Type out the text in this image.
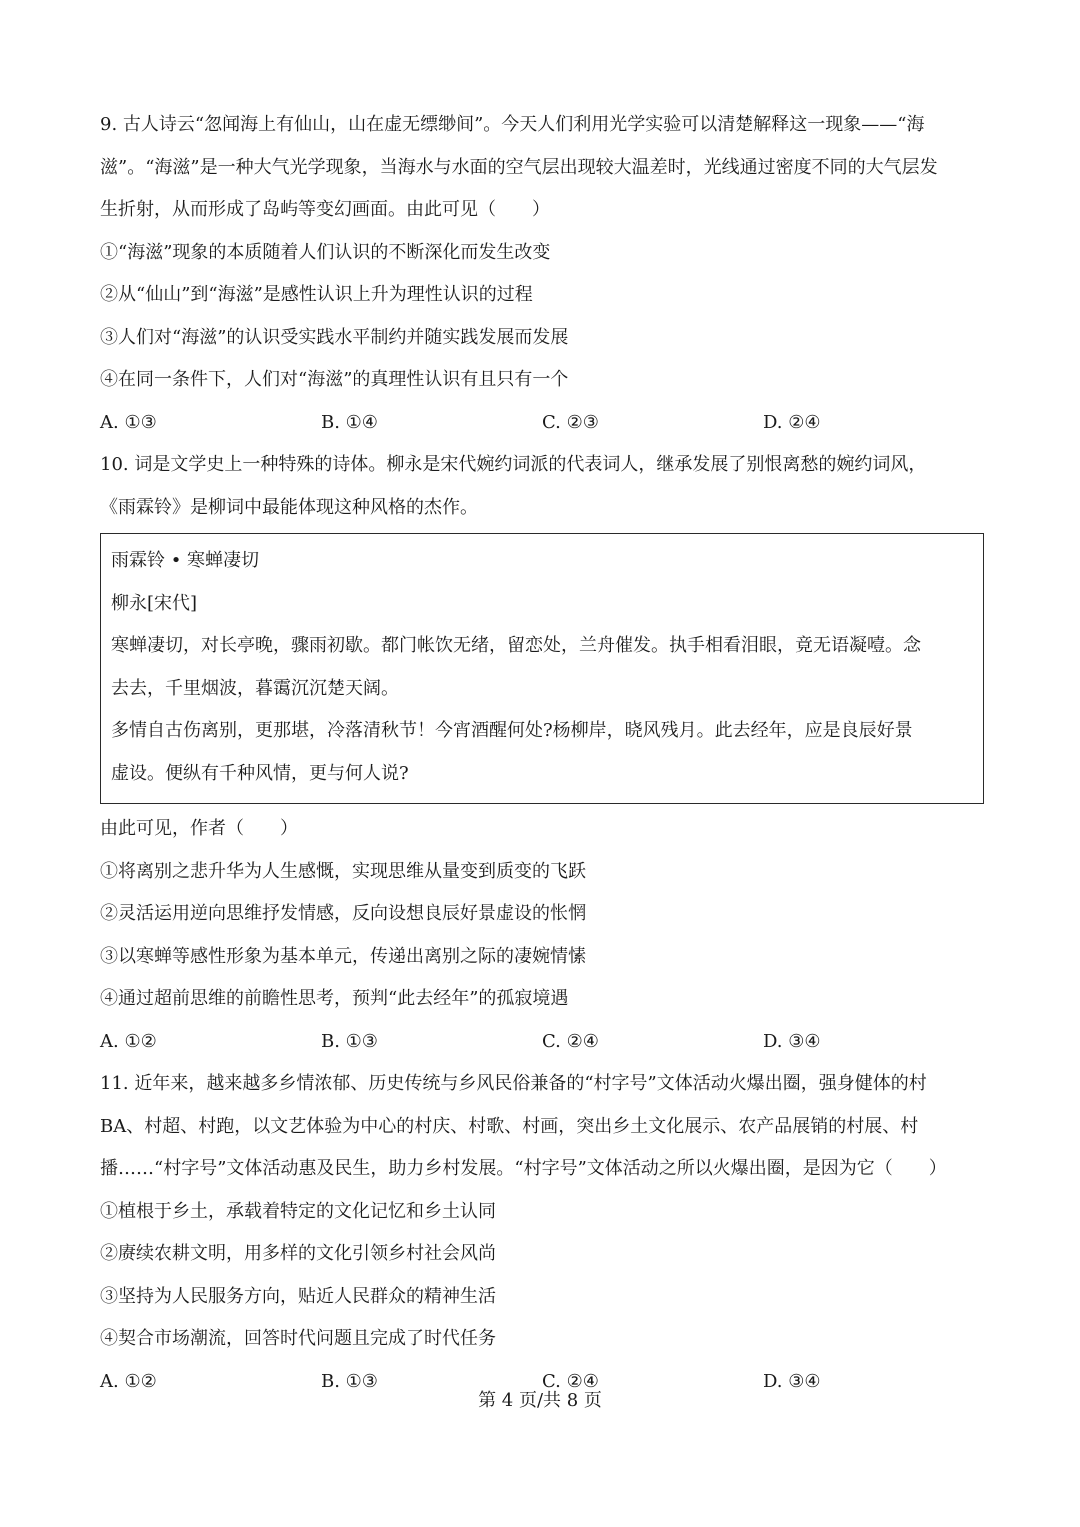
9. 古人诗云“忽闻海上有仙山，山在虚无缥缈间”。今天人们利用光学实验可以清楚解释这一现象——“海
滋”。“海滋”是一种大气光学现象，当海水与水面的空气层出现较大温差时，光线通过密度不同的大气层发
生折射，从而形成了岛屿等变幻画面。由此可见（　　）
①“海滋”现象的本质随着人们认识的不断深化而发生改变
②从“仙山”到“海滋”是感性认识上升为理性认识的过程
③人们对“海滋”的认识受实践水平制约并随实践发展而发展
④在同一条件下，人们对“海滋”的真理性认识有且只有一个
A. ①③	B. ①④	C. ②③	D. ②④
10. 词是文学史上一种特殊的诗体。柳永是宋代婉约词派的代表词人，继承发展了别恨离愁的婉约词风，
《雨霖铃》是柳词中最能体现这种风格的杰作。
雨霖铃 • 寒蝉凄切
柳永[宋代]
寒蝉凄切，对长亭晚，骤雨初歇。都门帐饮无绪，留恋处，兰舟催发。执手相看泪眼，竟无语凝噎。念
去去，千里烟波，暮霭沉沉楚天阔。
多情自古伤离别，更那堪，冷落清秋节！今宵酒醒何处?杨柳岸，晓风残月。此去经年，应是良辰好景
虚设。便纵有千种风情，更与何人说?
由此可见，作者（　　）
①将离别之悲升华为人生感慨，实现思维从量变到质变的飞跃
②灵活运用逆向思维抒发情感，反向设想良辰好景虚设的怅惘
③以寒蝉等感性形象为基本单元，传递出离别之际的凄婉情愫
④通过超前思维的前瞻性思考，预判“此去经年”的孤寂境遇
A. ①②	B. ①③	C. ②④	D. ③④
11. 近年来，越来越多乡情浓郁、历史传统与乡风民俗兼备的“村字号”文体活动火爆出圈，强身健体的村
BA、村超、村跑，以文艺体验为中心的村庆、村歌、村画，突出乡土文化展示、农产品展销的村展、村
播……“村字号”文体活动惠及民生，助力乡村发展。“村字号”文体活动之所以火爆出圈，是因为它（　　）
①植根于乡土，承载着特定的文化记忆和乡土认同
②赓续农耕文明，用多样的文化引领乡村社会风尚
③坚持为人民服务方向，贴近人民群众的精神生活
④契合市场潮流，回答时代问题且完成了时代任务
A. ①②	B. ①③	C. ②④	D. ③④
第 4 页/共 8 页
